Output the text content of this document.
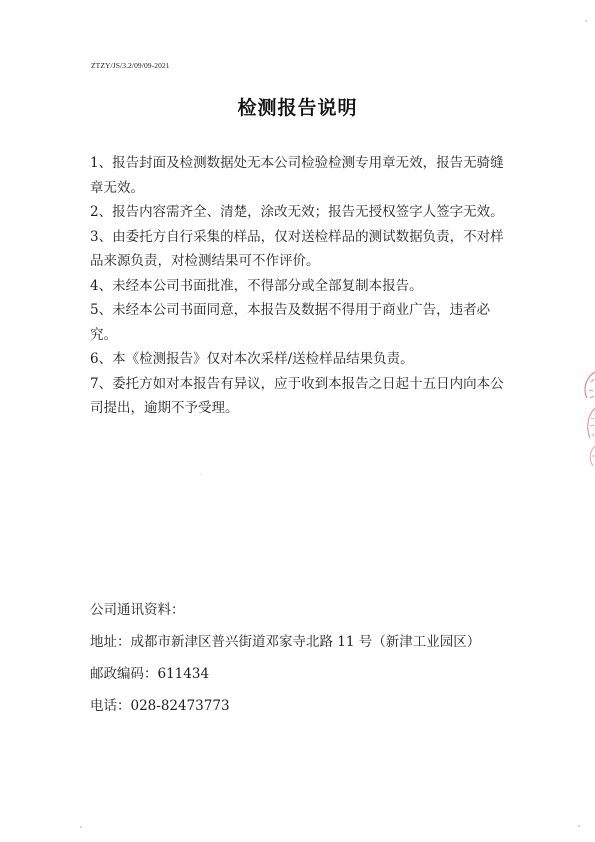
ZTZY/JS/3.2/09/09-2021
检测报告说明
1、报告封面及检测数据处无本公司检验检测专用章无效，报告无骑缝章无效。
2、报告内容需齐全、清楚，涂改无效；报告无授权签字人签字无效。
3、由委托方自行采集的样品，仅对送检样品的测试数据负责，不对样品来源负责，对检测结果可不作评价。
4、未经本公司书面批准，不得部分或全部复制本报告。
5、未经本公司书面同意，本报告及数据不得用于商业广告，违者必究。
6、本《检测报告》仅对本次采样/送检样品结果负责。
7、委托方如对本报告有异议，应于收到本报告之日起十五日内向本公司提出，逾期不予受理。

公司通讯资料：

地址：成都市新津区普兴街道邓家寺北路 11 号（新津工业园区）

邮政编码：611434

电话：028-82473773
